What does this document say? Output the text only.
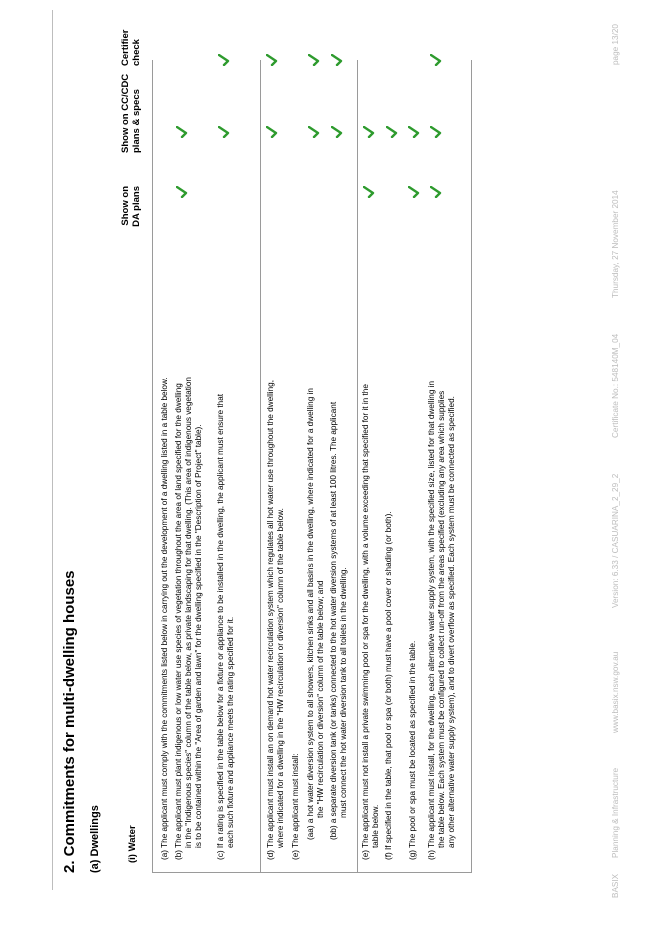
2. Commitments for multi-dwelling houses (a) Dwellings	(i) Water
Show on DA plans
Show on CC/CDC plans & specs
Certifier check
(a) The applicant must comply with the commitments listed below in carrying out the development of a dwelling listed in a table below. (b) The applicant must plant indigenous or low water use species of vegetation throughout the area of land specified for the dwelling in the "Indigenous species" column of the table below, as private landscaping for that dwelling. (This area of indigenous vegetation is to be contained within the "Area of garden and lawn" for the dwelling specified in the "Description of Project" table). (c) If a rating is specified in the table below for a fixture or appliance to be installed in the dwelling, the applicant must ensure that each such fixture and appliance meets the rating specified for it.	(d) The applicant must install an on demand hot water recirculation system which regulates all hot water use throughout the dwelling, where indicated for a dwelling in the "HW recirculation or diversion" column of the table below. (e) The applicant must install: (aa) a hot water diversion system to all showers, kitchen sinks and all basins in the dwelling, where indicated for a dwelling in the "HW recirculation or diversion" column of the table below; and (bb) a separate diversion tank (or tanks) connected to the hot water diversion systems of at least 100 litres. The applicant must connect the hot water diversion tank to all toilets in the dwelling. (e) The applicant must not install a private swimming pool or spa for the dwelling, with a volume exceeding that specified for it in the table below. (f) If specified in the table, that pool or spa (or both) must have a pool cover or shading (or both). (g) The pool or spa must be located as specified in the table. (h) The applicant must install, for the dwelling, each alternative water supply system, with the specified size, listed for that dwelling in the table below. Each system must be configured to collect run-off from the areas specified (excluding any area which supplies any other alternative water supply system), and to divert overflow as specified. Each system must be connected as specified.
BASIX
Planning & Infrastructure
www.basix.nsw.gov.au
Version: 6.33 / CASUARINA_2_29_2
Certificate No.: 548140M_04
Thursday, 27 November 2014
page 13/20
